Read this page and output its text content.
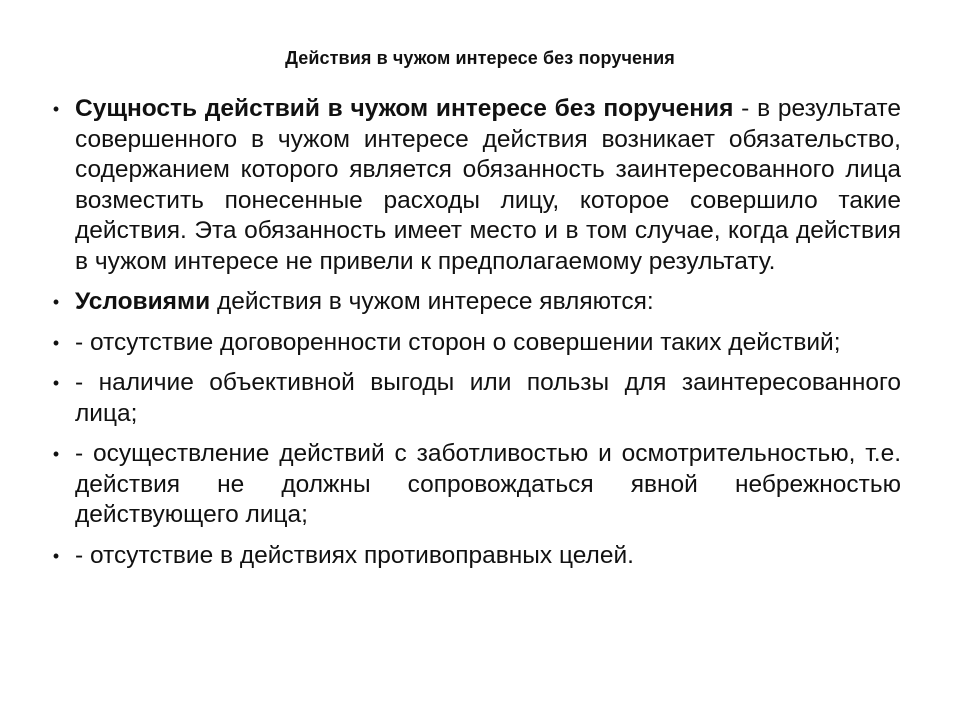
Действия в чужом интересе без поручения
• Сущность действий в чужом интересе без поручения - в результате совершенного в чужом интересе действия возникает обязательство, содержанием которого является обязанность заинтересованного лица возместить понесенные расходы лицу, которое совершило такие действия. Эта обязанность имеет место и в том случае, когда действия в чужом интересе не привели к предполагаемому результату.
• Условиями действия в чужом интересе являются:
• - отсутствие договоренности сторон о совершении таких действий;
• - наличие объективной выгоды или пользы для заинтересованного лица;
• - осуществление действий с заботливостью и осмотрительностью, т.е. действия не должны сопровождаться явной небрежностью действующего лица;
• - отсутствие в действиях противоправных целей.
